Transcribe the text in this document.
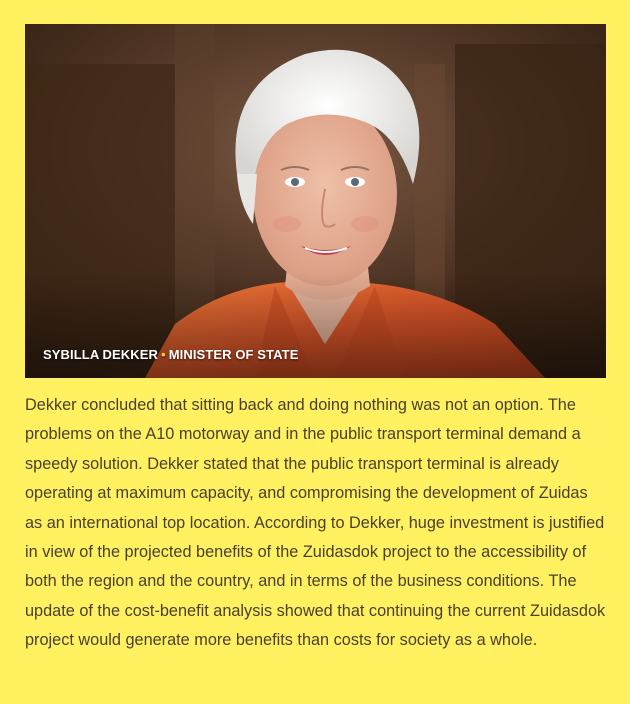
SYBILLA DEKKER • MINISTER OF STATE

Dekker concluded that sitting back and doing nothing was not an option. The problems on the A10 motorway and in the public transport terminal demand a speedy solution. Dekker stated that the public transport terminal is already operating at maximum capacity, and compromising the development of Zuidas as an international top location. According to Dekker, huge investment is justified in view of the projected benefits of the Zuidasdok project to the accessibility of both the region and the country, and in terms of the business conditions. The update of the cost-benefit analysis showed that continuing the current Zuidasdok project would generate more benefits than costs for society as a whole.
